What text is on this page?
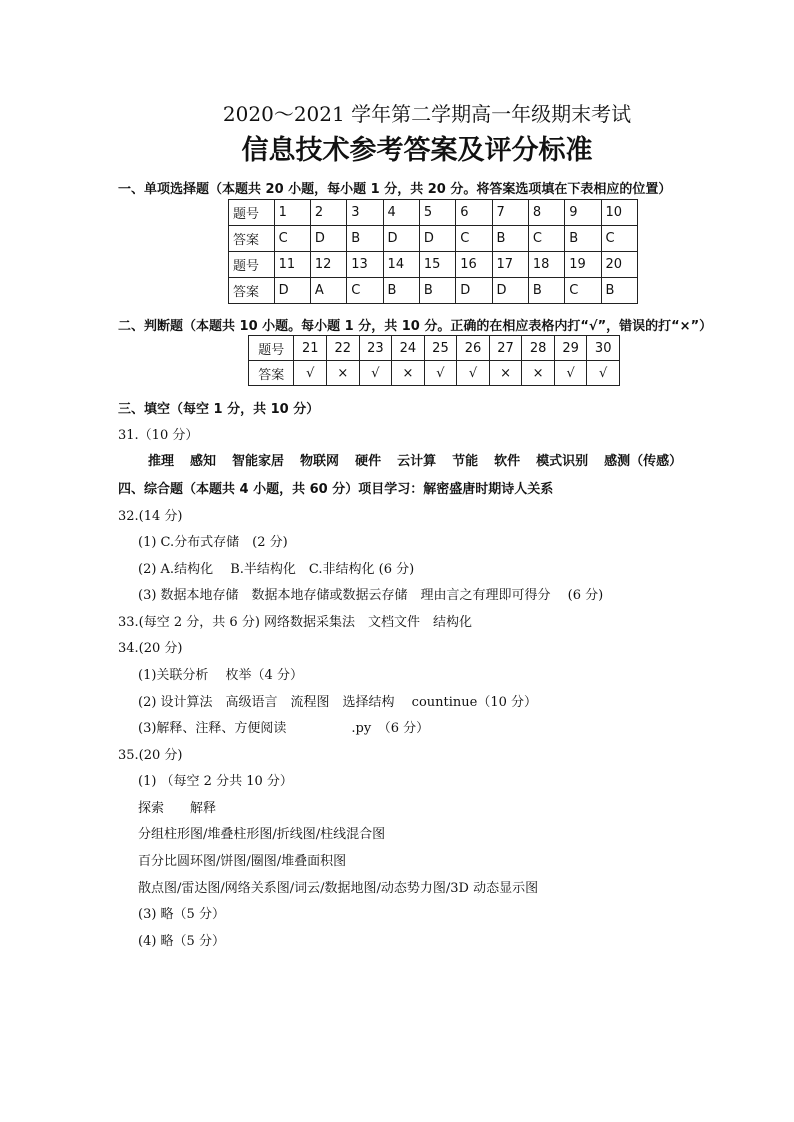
2020～2021 学年第二学期高一年级期末考试
信息技术参考答案及评分标准
一、单项选择题（本题共 20 小题，每小题 1 分，共 20 分。将答案选项填在下表相应的位置）
题号	1	2	3	4	5	6	7	8	9	10
答案	C	D	B	D	D	C	B	C	B	C
题号	11	12	13	14	15	16	17	18	19	20
答案	D	A	C	B	B	D	D	B	C	B
二、判断题（本题共 10 小题。每小题 1 分，共 10 分。正确的在相应表格内打“√”，错误的打“×”）
题号	21	22	23	24	25	26	27	28	29	30
答案	√	×	√	×	√	√	×	×	√	√
三、填空（每空 1 分，共 10 分）
31.（10 分）
推理 感知 智能家居 物联网 硬件 云计算 节能 软件 模式识别 感测（传感）
四、综合题（本题共 4 小题，共 60 分）项目学习：解密盛唐时期诗人关系
32.(14 分)
(1) C.分布式存储　(2 分)
(2) A.结构化　 B.半结构化　C.非结构化 (6 分)
(3) 数据本地存储　数据本地存储或数据云存储　理由言之有理即可得分　 (6 分)
33.(每空 2 分，共 6 分) 网络数据采集法　文档文件　结构化
34.(20 分)
(1)关联分析　 枚举（4 分）
(2) 设计算法　高级语言　流程图　选择结构　 countinue（10 分）
(3)解释、注释、方便阅读　　　　　.py　（6 分）
35.(20 分)
(1) （每空 2 分共 10 分）
探索　　解释
分组柱形图/堆叠柱形图/折线图/柱线混合图
百分比圆环图/饼图/圈图/堆叠面积图
散点图/雷达图/网络关系图/词云/数据地图/动态势力图/3D 动态显示图
(3) 略（5 分）
(4) 略（5 分）
